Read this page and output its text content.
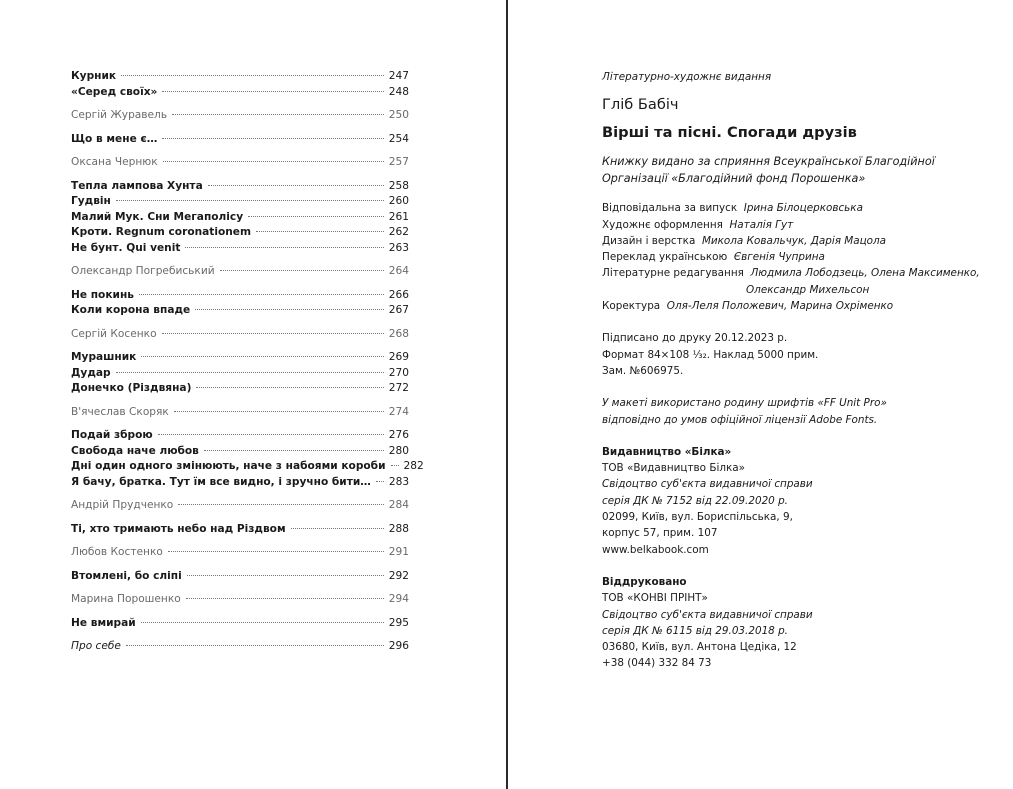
Курник	247
«Серед своїх»	248
Сергій Журавель	250
Що в мене є…	254
Оксана Чернюк	257
Тепла лампова Хунта	258
Гудвін	260
Малий Мук. Сни Мегаполісу	261
Кроти. Regnum coronationem	262
Не бунт. Qui venit	263
Олександр Погребиський	264
Не покинь	266
Коли корона впаде	267
Сергій Косенко	268
Мурашник	269
Дудар	270
Донечко (Різдвяна)	272
В'ячеслав Скоряк	274
Подай зброю	276
Свобода наче любов	280
Дні один одного змінюють, наче з набоями короби 282
Я бачу, братка. Тут їм все видно, і зручно бити… 283
Андрій Прудченко	284
Ті, хто тримають небо над Різдвом	288
Любов Костенко	291
Втомлені, бо сліпі	292
Марина Порошенко	294
Не вмирай	295
Про себе	296
Літературно-художнє видання
Гліб Бабіч
Вірші та пісні. Спогади друзів
Книжку видано за сприяння Всеукраїнської Благодійної
Організації «Благодійний фонд Порошенка»
Відповідальна за випуск Ірина Білоцерковська
Художнє оформлення Наталія Гут
Дизайн і верстка Микола Ковальчук, Дарія Мацола
Переклад українською Євгенія Чуприна
Літературне редагування Людмила Лободзець, Олена Максименко,
Олександр Михельсон
Коректура Оля-Леля Положевич, Марина Охріменко
Підписано до друку 20.12.2023 р.
Формат 84×108 ¹⁄₃₂. Наклад 5000 прим.
Зам. №606975.
У макеті використано родину шрифтів «FF Unit Pro»
відповідно до умов офіційної ліцензії Adobe Fonts.
Видавництво «Білка»
ТОВ «Видавництво Білка»
Свідоцтво суб'єкта видавничої справи
серія ДК № 7152 від 22.09.2020 р.
02099, Київ, вул. Бориспільська, 9,
корпус 57, прим. 107
www.belkabook.com
Віддруковано
ТОВ «КОНВІ ПРІНТ»
Свідоцтво суб'єкта видавничої справи
серія ДК № 6115 від 29.03.2018 р.
03680, Київ, вул. Антона Цедіка, 12
+38 (044) 332 84 73
